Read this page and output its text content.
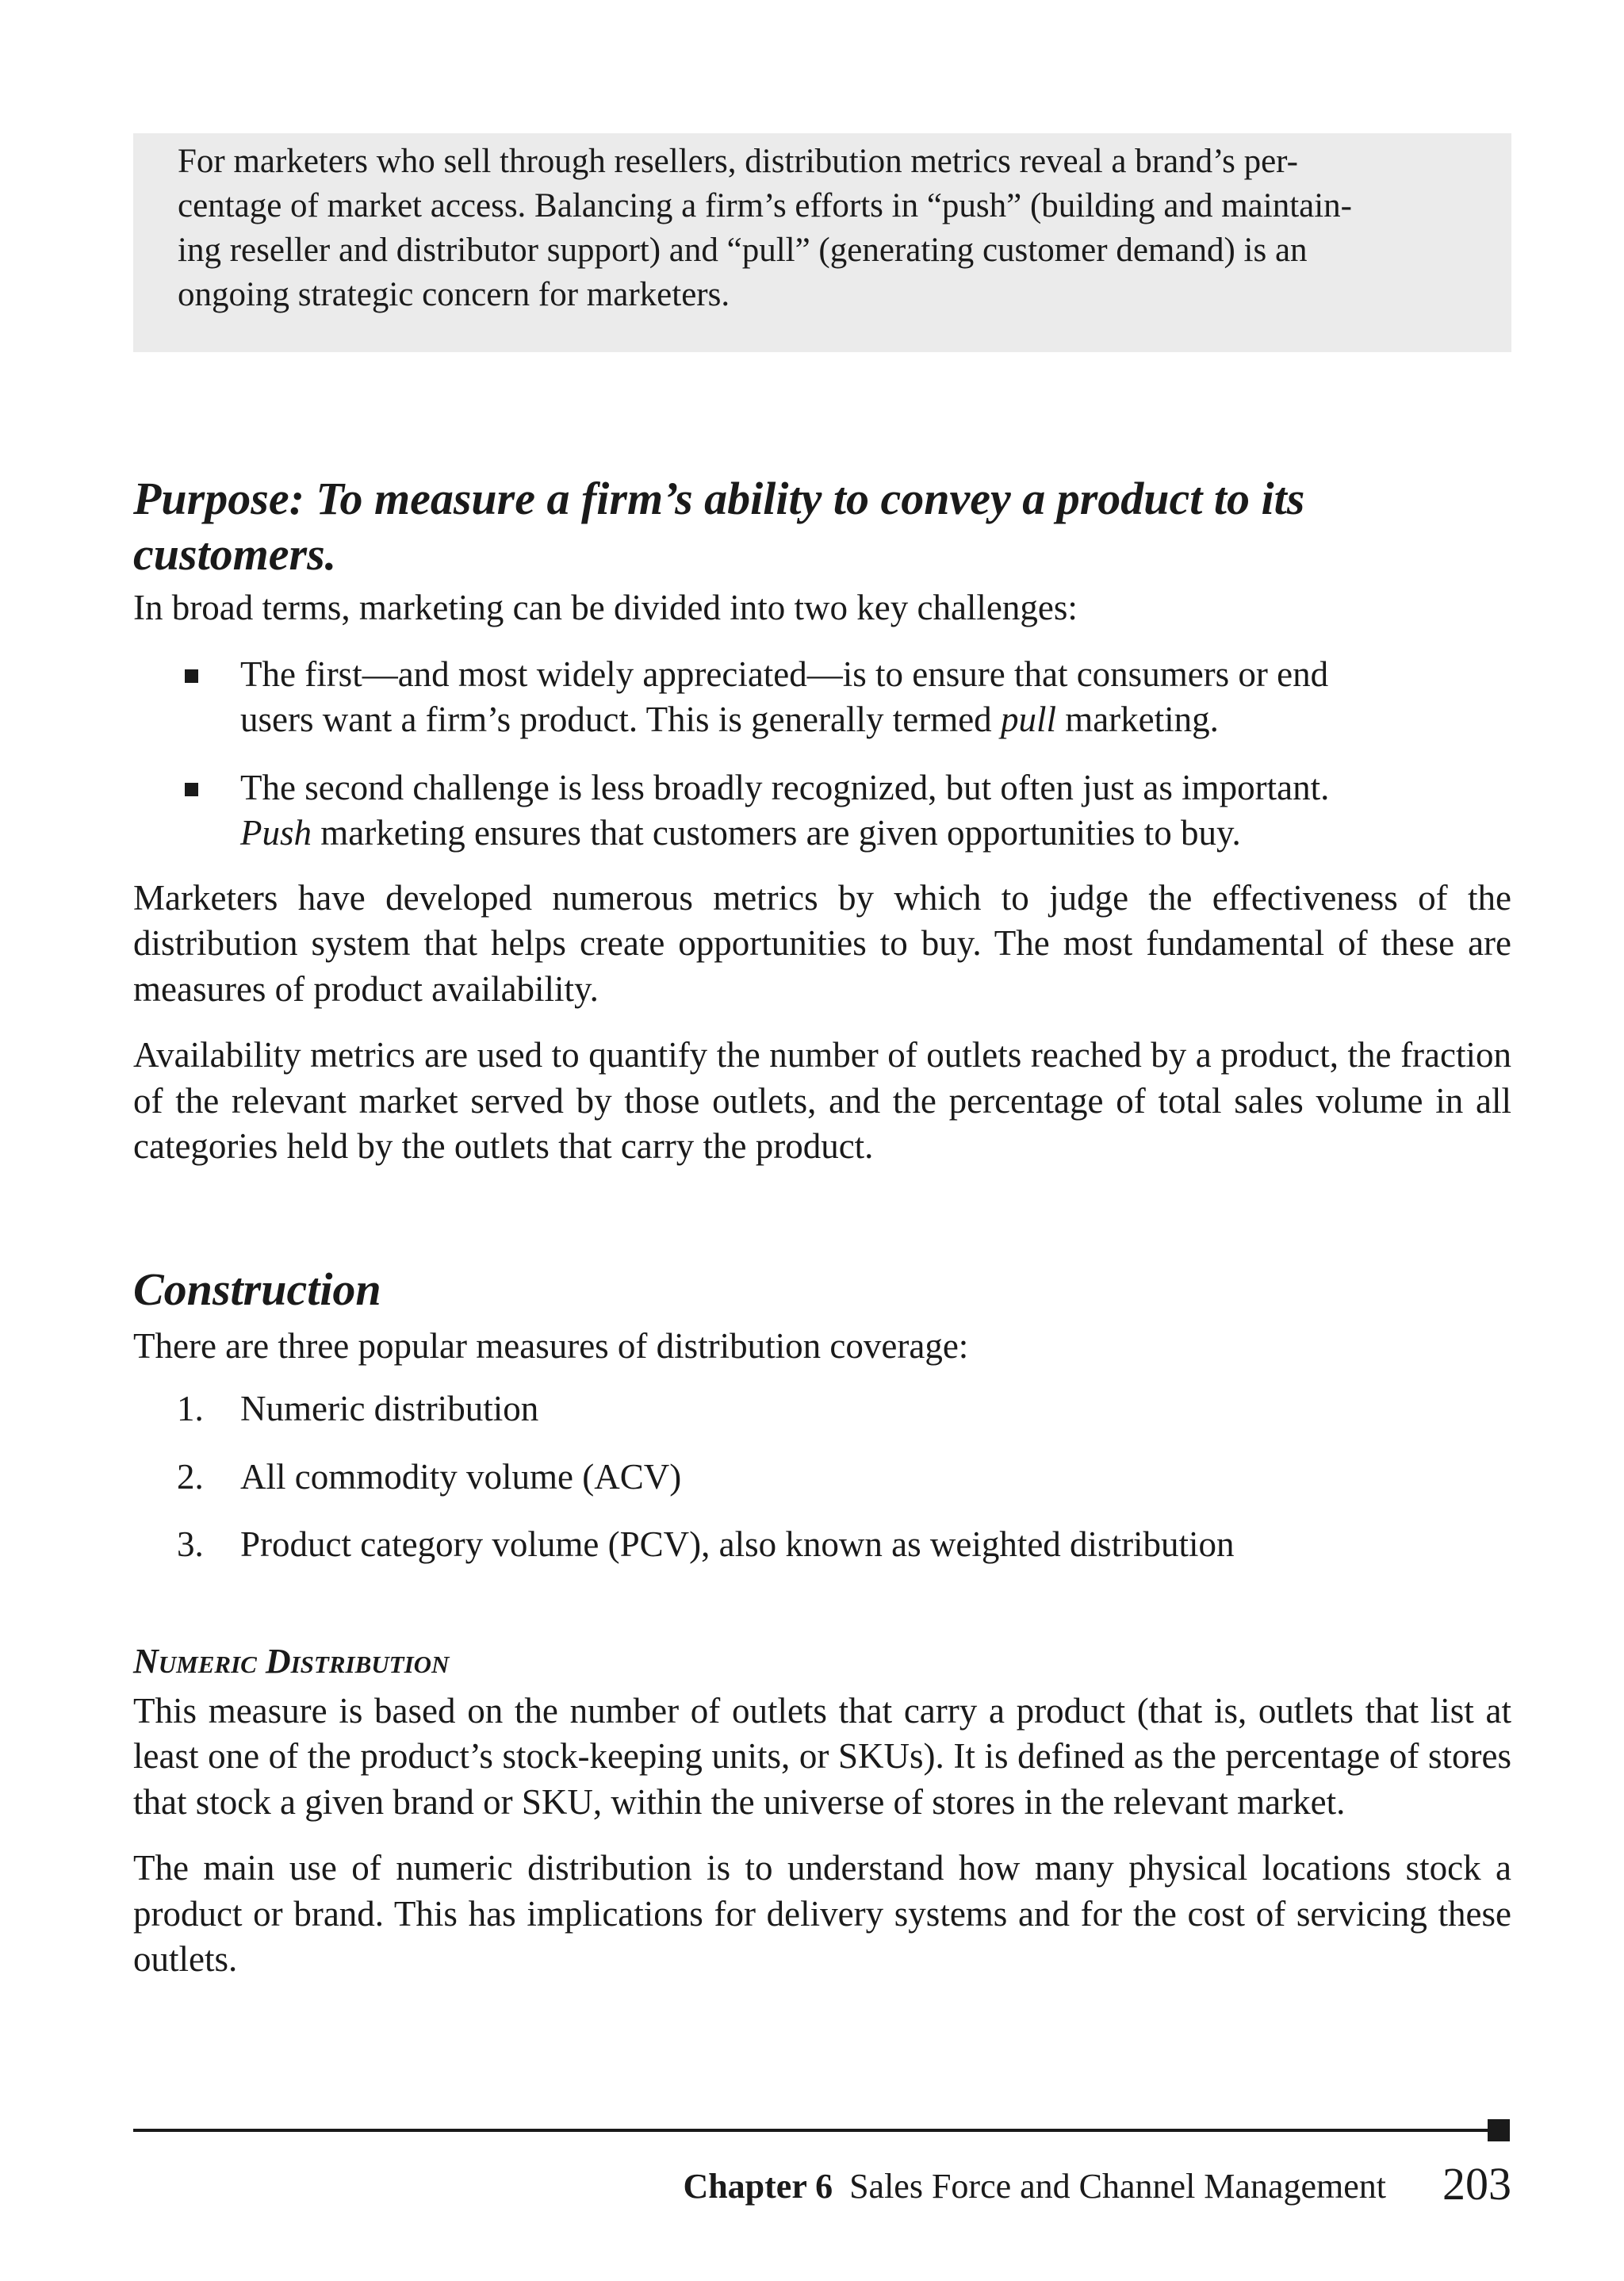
For marketers who sell through resellers, distribution metrics reveal a brand’s per-
centage of market access. Balancing a firm’s efforts in “push” (building and maintain-
ing reseller and distributor support) and “pull” (generating customer demand) is an
ongoing strategic concern for marketers.
Purpose: To measure a firm’s ability to convey a product to its customers.

In broad terms, marketing can be divided into two key challenges:

The first—and most widely appreciated—is to ensure that consumers or end
users want a firm’s product. This is generally termed pull marketing.
The second challenge is less broadly recognized, but often just as important.
Push marketing ensures that customers are given opportunities to buy.

Marketers have developed numerous metrics by which to judge the effectiveness of the distribution system that helps create opportunities to buy. The most fundamental of these are measures of product availability.

Availability metrics are used to quantify the number of outlets reached by a product, the fraction of the relevant market served by those outlets, and the percentage of total sales volume in all categories held by the outlets that carry the product.

Construction

There are three popular measures of distribution coverage:

1. Numeric distribution
2. All commodity volume (ACV)
3. Product category volume (PCV), also known as weighted distribution
Numeric Distribution

This measure is based on the number of outlets that carry a product (that is, outlets that list at least one of the product’s stock-keeping units, or SKUs). It is defined as the percentage of stores that stock a given brand or SKU, within the universe of stores in the relevant market.

The main use of numeric distribution is to understand how many physical locations stock a product or brand. This has implications for delivery systems and for the cost of servicing these outlets.

Chapter 6 Sales Force and Channel Management 203
